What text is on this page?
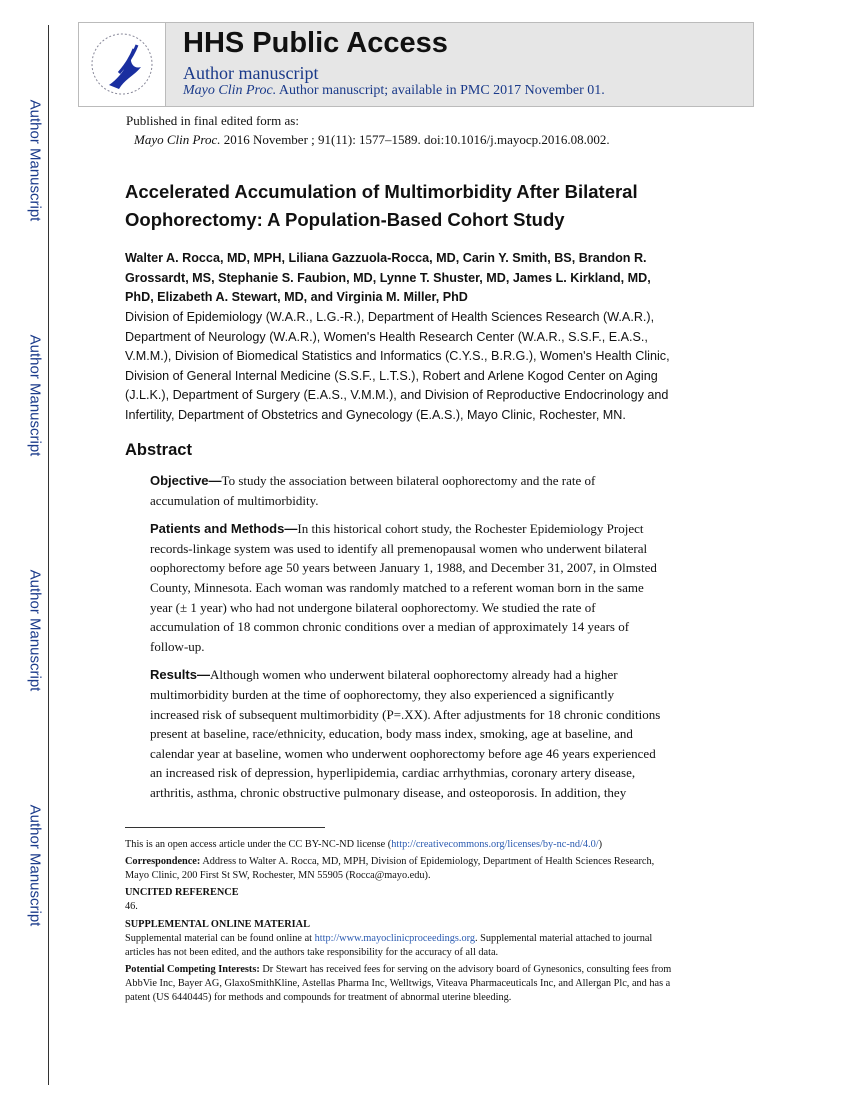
Author Manuscript
Author Manuscript
Author Manuscript
Author Manuscript
HHS Public Access
Author manuscript
Mayo Clin Proc. Author manuscript; available in PMC 2017 November 01.
Published in final edited form as:
Mayo Clin Proc. 2016 November ; 91(11): 1577–1589. doi:10.1016/j.mayocp.2016.08.002.
Accelerated Accumulation of Multimorbidity After Bilateral
Oophorectomy: A Population-Based Cohort Study
Walter A. Rocca, MD, MPH, Liliana Gazzuola-Rocca, MD, Carin Y. Smith, BS, Brandon R.
Grossardt, MS, Stephanie S. Faubion, MD, Lynne T. Shuster, MD, James L. Kirkland, MD,
PhD, Elizabeth A. Stewart, MD, and Virginia M. Miller, PhD
Division of Epidemiology (W.A.R., L.G.-R.), Department of Health Sciences Research (W.A.R.),
Department of Neurology (W.A.R.), Women's Health Research Center (W.A.R., S.S.F., E.A.S.,
V.M.M.), Division of Biomedical Statistics and Informatics (C.Y.S., B.R.G.), Women's Health Clinic,
Division of General Internal Medicine (S.S.F., L.T.S.), Robert and Arlene Kogod Center on Aging
(J.L.K.), Department of Surgery (E.A.S., V.M.M.), and Division of Reproductive Endocrinology and
Infertility, Department of Obstetrics and Gynecology (E.A.S.), Mayo Clinic, Rochester, MN.
Abstract
Objective—To study the association between bilateral oophorectomy and the rate of
accumulation of multimorbidity.
Patients and Methods—In this historical cohort study, the Rochester Epidemiology Project
records-linkage system was used to identify all premenopausal women who underwent bilateral
oophorectomy before age 50 years between January 1, 1988, and December 31, 2007, in Olmsted
County, Minnesota. Each woman was randomly matched to a referent woman born in the same
year (± 1 year) who had not undergone bilateral oophorectomy. We studied the rate of
accumulation of 18 common chronic conditions over a median of approximately 14 years of
follow-up.
Results—Although women who underwent bilateral oophorectomy already had a higher
multimorbidity burden at the time of oophorectomy, they also experienced a significantly
increased risk of subsequent multimorbidity (P=.XX). After adjustments for 18 chronic conditions
present at baseline, race/ethnicity, education, body mass index, smoking, age at baseline, and
calendar year at baseline, women who underwent oophorectomy before age 46 years experienced
an increased risk of depression, hyperlipidemia, cardiac arrhythmias, coronary artery disease,
arthritis, asthma, chronic obstructive pulmonary disease, and osteoporosis. In addition, they
This is an open access article under the CC BY-NC-ND license (http://creativecommons.org/licenses/by-nc-nd/4.0/)
Correspondence: Address to Walter A. Rocca, MD, MPH, Division of Epidemiology, Department of Health Sciences Research,
Mayo Clinic, 200 First St SW, Rochester, MN 55905 (Rocca@mayo.edu).
UNCITED REFERENCE
46.
SUPPLEMENTAL ONLINE MATERIAL
Supplemental material can be found online at http://www.mayoclinicproceedings.org. Supplemental material attached to journal
articles has not been edited, and the authors take responsibility for the accuracy of all data.
Potential Competing Interests: Dr Stewart has received fees for serving on the advisory board of Gynesonics, consulting fees from
AbbVie Inc, Bayer AG, GlaxoSmithKline, Astellas Pharma Inc, Welltwigs, Viteava Pharmaceuticals Inc, and Allergan Plc, and has a
patent (US 6440445) for methods and compounds for treatment of abnormal uterine bleeding.
